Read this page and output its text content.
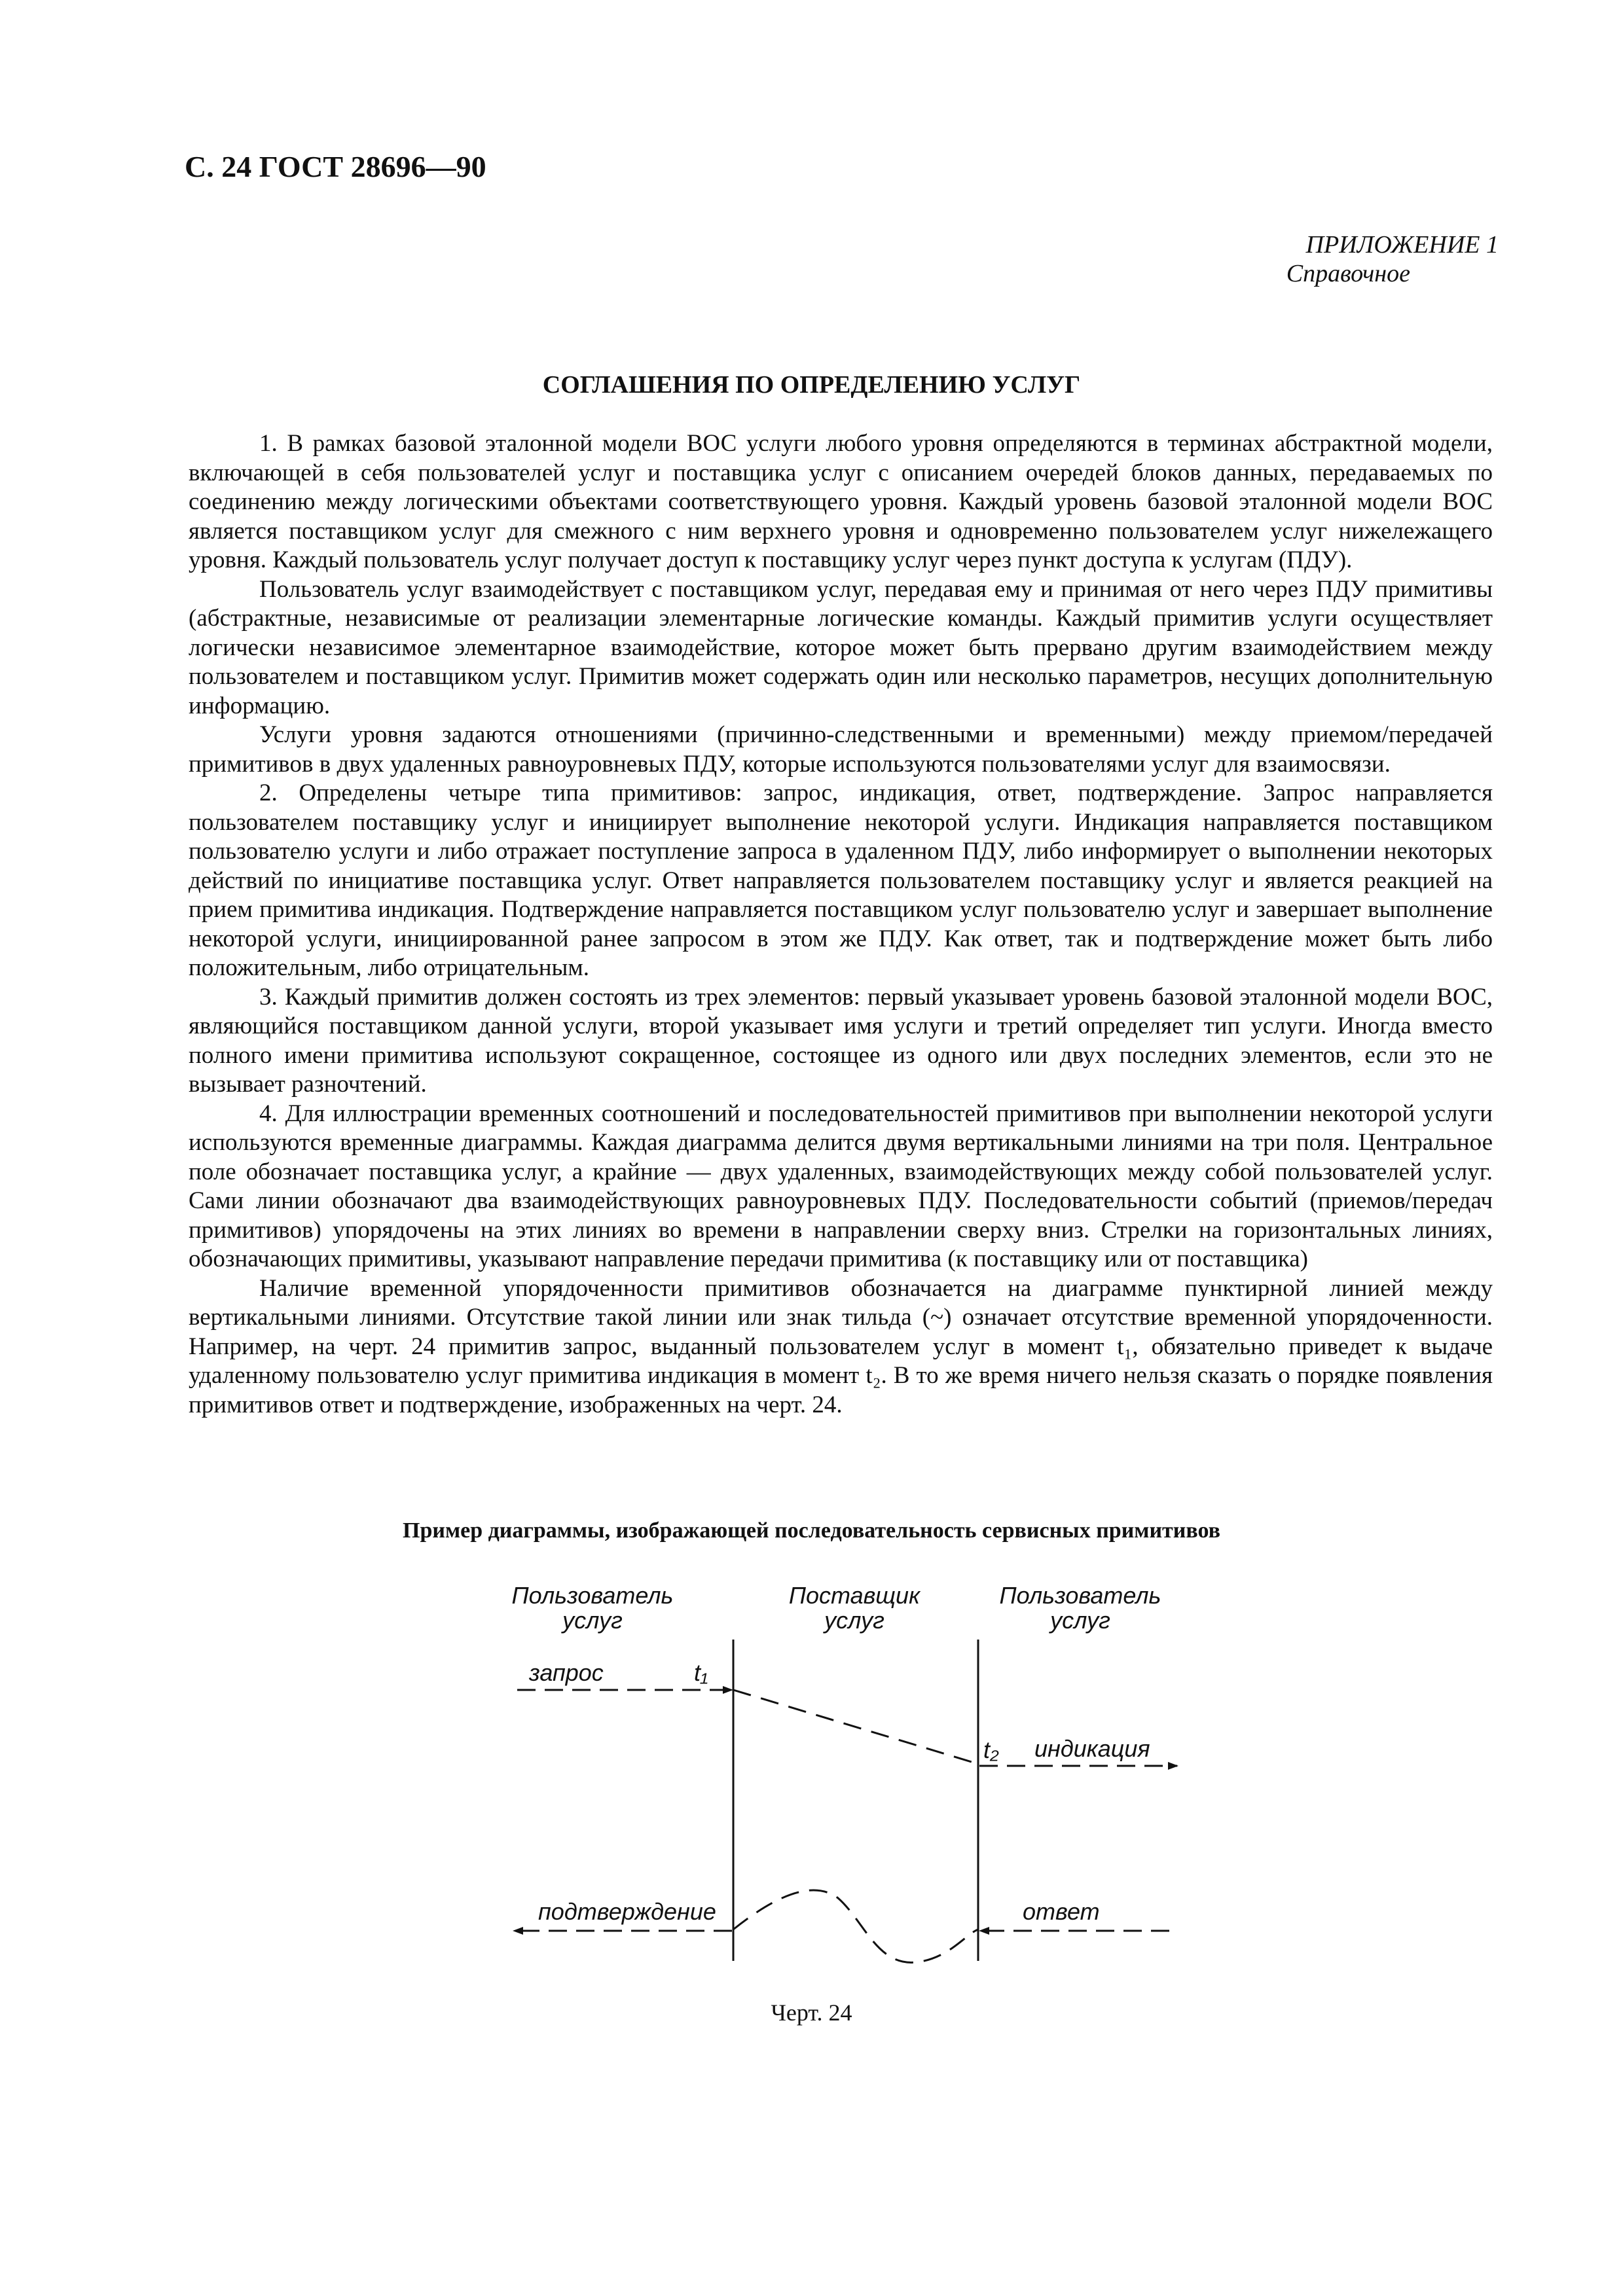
С. 24 ГОСТ 28696—90
ПРИЛОЖЕНИЕ 1
Справочное
СОГЛАШЕНИЯ ПО ОПРЕДЕЛЕНИЮ УСЛУГ

1. В рамках базовой эталонной модели ВОС услуги любого уровня определяются в терминах абстрактной модели, включающей в себя пользователей услуг и поставщика услуг с описанием очередей блоков данных, передаваемых по соединению между логическими объектами соответствующего уровня. Каждый уровень базовой эталонной модели ВОС является поставщиком услуг для смежного с ним верхнего уровня и одновременно пользователем услуг нижележащего уровня. Каждый пользователь услуг получает доступ к поставщику услуг через пункт доступа к услугам (ПДУ).

Пользователь услуг взаимодействует с поставщиком услуг, передавая ему и принимая от него через ПДУ примитивы (абстрактные, независимые от реализации элементарные логические команды. Каждый примитив услуги осуществляет логически независимое элементарное взаимодействие, которое может быть прервано другим взаимодействием между пользователем и поставщиком услуг. Примитив может содержать один или несколько параметров, несущих дополнительную информацию.

Услуги уровня задаются отношениями (причинно-следственными и временными) между приемом/передачей примитивов в двух удаленных равноуровневых ПДУ, которые используются пользователями услуг для взаимосвязи.

2. Определены четыре типа примитивов: запрос, индикация, ответ, подтверждение. Запрос направляется пользователем поставщику услуг и инициирует выполнение некоторой услуги. Индикация направляется поставщиком пользователю услуги и либо отражает поступление запроса в удаленном ПДУ, либо информирует о выполнении некоторых действий по инициативе поставщика услуг. Ответ направляется пользователем поставщику услуг и является реакцией на прием примитива индикация. Подтверждение направляется поставщиком услуг пользователю услуг и завершает выполнение некоторой услуги, инициированной ранее запросом в этом же ПДУ. Как ответ, так и подтверждение может быть либо положительным, либо отрицательным.

3. Каждый примитив должен состоять из трех элементов: первый указывает уровень базовой эталонной модели ВОС, являющийся поставщиком данной услуги, второй указывает имя услуги и третий определяет тип услуги. Иногда вместо полного имени примитива используют сокращенное, состоящее из одного или двух последних элементов, если это не вызывает разночтений.

4. Для иллюстрации временных соотношений и последовательностей примитивов при выполнении некоторой услуги используются временные диаграммы. Каждая диаграмма делится двумя вертикальными линиями на три поля. Центральное поле обозначает поставщика услуг, а крайние — двух удаленных, взаимодействующих между собой пользователей услуг. Сами линии обозначают два взаимодействующих равноуровневых ПДУ. Последовательности событий (приемов/передач примитивов) упорядочены на этих линиях во времени в направлении сверху вниз. Стрелки на горизонтальных линиях, обозначающих примитивы, указывают направление передачи примитива (к поставщику или от поставщика)

Наличие временной упорядоченности примитивов обозначается на диаграмме пунктирной линией между вертикальными линиями. Отсутствие такой линии или знак тильда (~) означает отсутствие временной упорядоченности. Например, на черт. 24 примитив запрос, выданный пользователем услуг в момент t₁, обязательно приведет к выдаче удаленному пользователю услуг примитива индикация в момент t₂. В то же время ничего нельзя сказать о порядке появления примитивов ответ и подтверждение, изображенных на черт. 24.

Пример диаграммы, изображающей последовательность сервисных примитивов
Пользователь
услуг
Поставщик
услуг
Пользователь
услуг
запрос	t₁
t₂ индикация
ответ
подтверждение
Черт. 24
